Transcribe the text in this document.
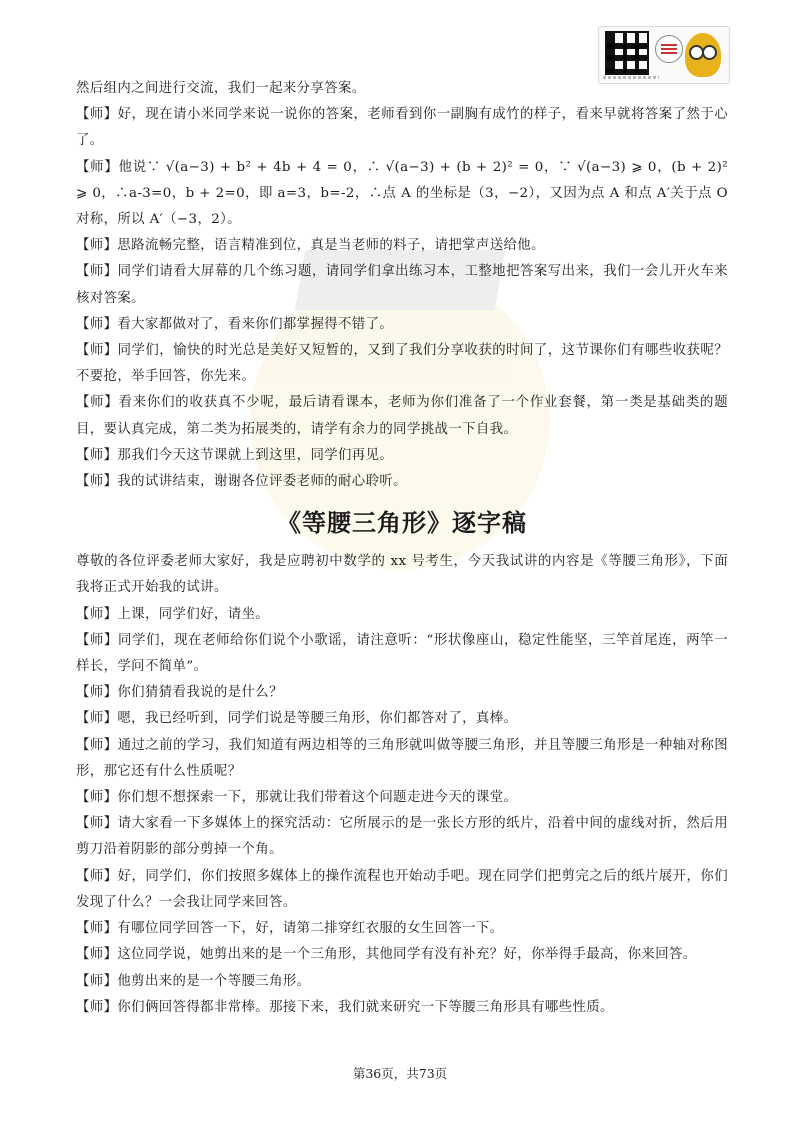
然后组内之间进行交流，我们一起来分享答案。

【师】好，现在请小米同学来说一说你的答案，老师看到你一副胸有成竹的样子，看来早就将答案了然于心了。

【师】他说∵ √(a−3) + b² + 4b + 4 = 0，∴ √(a−3) + (b + 2)² = 0，∵ √(a−3) ⩾ 0，(b + 2)² ⩾ 0，∴a-3=0，b + 2=0，即 a=3，b=-2，∴点 A 的坐标是（3，−2），又因为点 A 和点 A′关于点 O 对称，所以 A′（−3，2）。

【师】思路流畅完整，语言精准到位，真是当老师的料子，请把掌声送给他。

【师】同学们请看大屏幕的几个练习题，请同学们拿出练习本，工整地把答案写出来，我们一会儿开火车来核对答案。

【师】看大家都做对了，看来你们都掌握得不错了。

【师】同学们，愉快的时光总是美好又短暂的，又到了我们分享收获的时间了，这节课你们有哪些收获呢？不要抢，举手回答，你先来。

【师】看来你们的收获真不少呢，最后请看课本，老师为你们准备了一个作业套餐，第一类是基础类的题目，要认真完成，第二类为拓展类的，请学有余力的同学挑战一下自我。

【师】那我们今天这节课就上到这里，同学们再见。

【师】我的试讲结束，谢谢各位评委老师的耐心聆听。

《等腰三角形》逐字稿

尊敬的各位评委老师大家好，我是应聘初中数学的 xx 号考生，今天我试讲的内容是《等腰三角形》，下面我将正式开始我的试讲。

【师】上课，同学们好，请坐。

【师】同学们，现在老师给你们说个小歌谣，请注意听：“形状像座山，稳定性能坚，三竿首尾连，两竿一样长，学问不简单”。

【师】你们猜猜看我说的是什么？

【师】嗯，我已经听到，同学们说是等腰三角形，你们都答对了，真棒。

【师】通过之前的学习，我们知道有两边相等的三角形就叫做等腰三角形，并且等腰三角形是一种轴对称图形，那它还有什么性质呢？

【师】你们想不想探索一下，那就让我们带着这个问题走进今天的课堂。

【师】请大家看一下多媒体上的探究活动：它所展示的是一张长方形的纸片，沿着中间的虚线对折，然后用剪刀沿着阴影的部分剪掉一个角。

【师】好，同学们，你们按照多媒体上的操作流程也开始动手吧。现在同学们把剪完之后的纸片展开，你们发现了什么？一会我让同学来回答。

【师】有哪位同学回答一下，好，请第二排穿红衣服的女生回答一下。

【师】这位同学说，她剪出来的是一个三角形，其他同学有没有补充？好，你举得手最高，你来回答。

【师】他剪出来的是一个等腰三角形。

【师】你们俩回答得都非常棒。那接下来，我们就来研究一下等腰三角形具有哪些性质。

第36页，共73页
